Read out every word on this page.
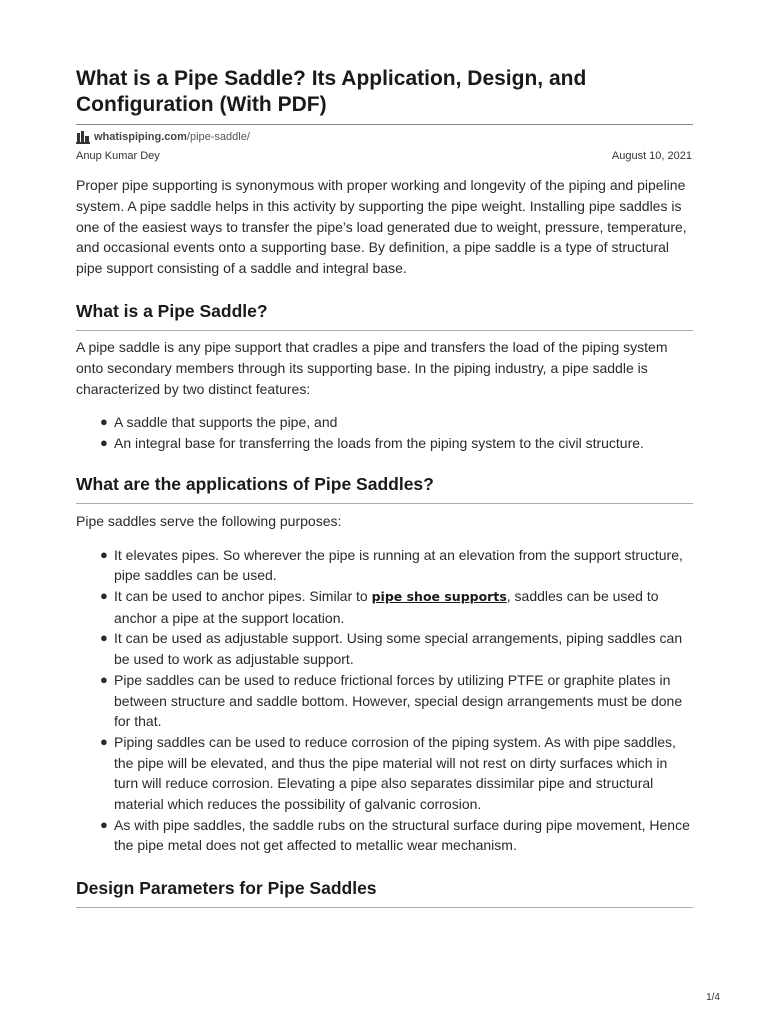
What is a Pipe Saddle? Its Application, Design, and Configuration (With PDF)
whatispiping.com /pipe-saddle/
Anup Kumar Dey	August 10, 2021

Proper pipe supporting is synonymous with proper working and longevity of the piping and pipeline system. A pipe saddle helps in this activity by supporting the pipe weight. Installing pipe saddles is one of the easiest ways to transfer the pipe’s load generated due to weight, pressure, temperature, and occasional events onto a supporting base. By definition, a pipe saddle is a type of structural pipe support consisting of a saddle and integral base.

What is a Pipe Saddle?

A pipe saddle is any pipe support that cradles a pipe and transfers the load of the piping system onto secondary members through its supporting base. In the piping industry, a pipe saddle is characterized by two distinct features:

● A saddle that supports the pipe, and
● An integral base for transferring the loads from the piping system to the civil structure.
What are the applications of Pipe Saddles?

Pipe saddles serve the following purposes:

● It elevates pipes. So wherever the pipe is running at an elevation from the support structure, pipe saddles can be used.
● It can be used to anchor pipes. Similar to pipe shoe supports, saddles can be used to anchor a pipe at the support location.
● It can be used as adjustable support. Using some special arrangements, piping saddles can be used to work as adjustable support.
● Pipe saddles can be used to reduce frictional forces by utilizing PTFE or graphite plates in between structure and saddle bottom. However, special design arrangements must be done for that.
● Piping saddles can be used to reduce corrosion of the piping system. As with pipe saddles, the pipe will be elevated, and thus the pipe material will not rest on dirty surfaces which in turn will reduce corrosion. Elevating a pipe also separates dissimilar pipe and structural material which reduces the possibility of galvanic corrosion.
● As with pipe saddles, the saddle rubs on the structural surface during pipe movement, Hence the pipe metal does not get affected to metallic wear mechanism.
Design Parameters for Pipe Saddles
1/4
